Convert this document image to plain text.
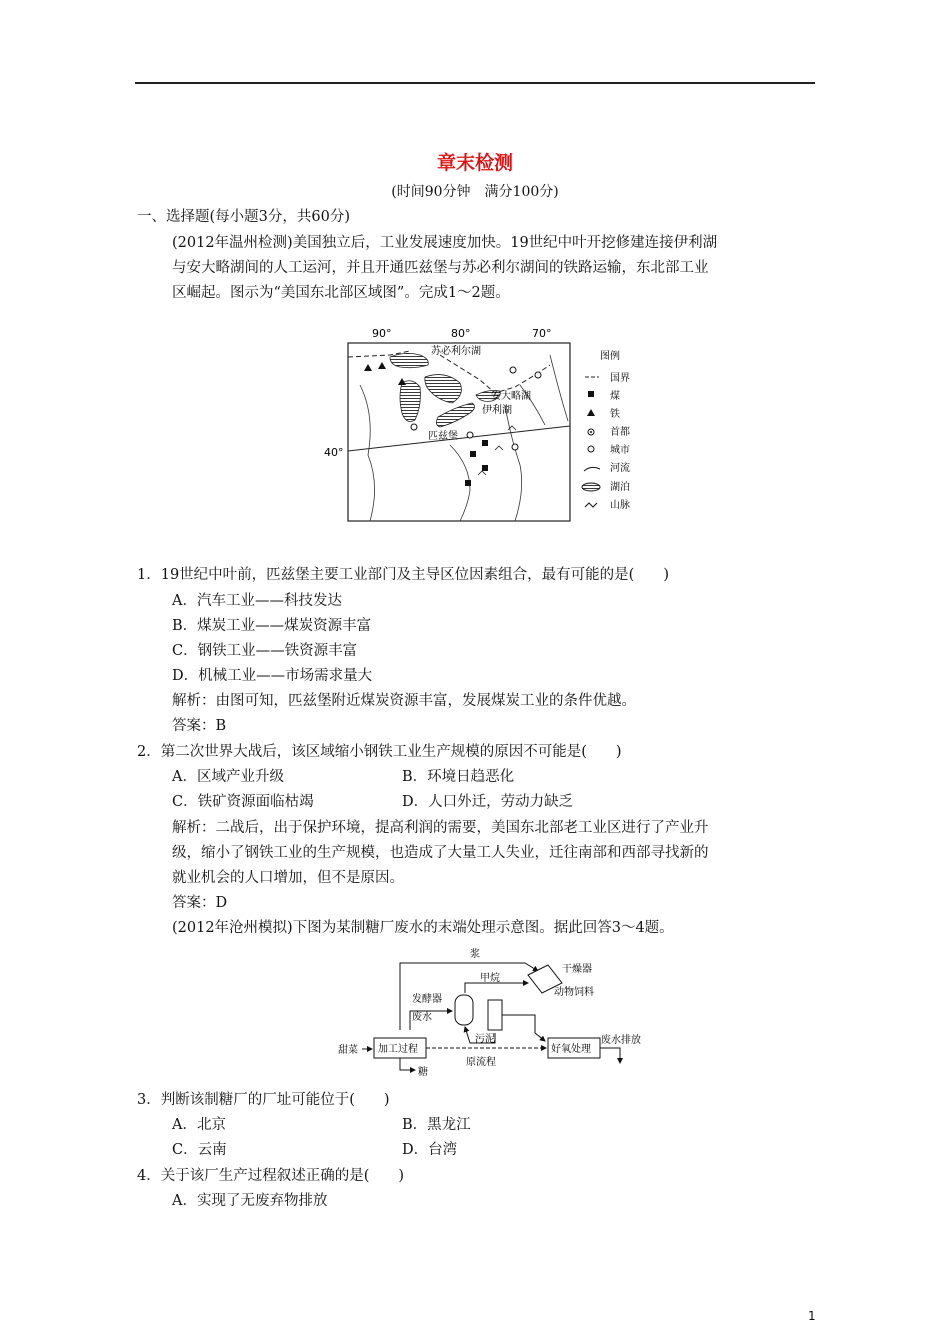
章末检测
(时间90分钟　满分100分)
一、选择题(每小题3分，共60分)
(2012年温州检测)美国独立后，工业发展速度加快。19世纪中叶开挖修建连接伊利湖
与安大略湖间的人工运河，并且开通匹兹堡与苏必利尔湖间的铁路运输，东北部工业
区崛起。图示为“美国东北部区域图”。完成1～2题。
90°	80°	70°
40°
苏必利尔湖
安大略湖
伊利湖
匹兹堡
图例
国界
煤
铁
首都
城市
河流
湖泊
山脉
1．19世纪中叶前，匹兹堡主要工业部门及主导区位因素组合，最有可能的是(　　)
A．汽车工业——科技发达
B．煤炭工业——煤炭资源丰富
C．钢铁工业——铁资源丰富
D．机械工业——市场需求量大
解析：由图可知，匹兹堡附近煤炭资源丰富，发展煤炭工业的条件优越。
答案：B
2．第二次世界大战后，该区域缩小钢铁工业生产规模的原因不可能是(　　)
A．区域产业升级	B．环境日趋恶化
C．铁矿资源面临枯竭	D．人口外迁，劳动力缺乏
解析：二战后，出于保护环境，提高利润的需要，美国东北部老工业区进行了产业升
级，缩小了钢铁工业的生产规模，也造成了大量工人失业，迁往南部和西部寻找新的
就业机会的人口增加，但不是原因。
答案：D
(2012年沧州模拟)下图为某制糖厂废水的末端处理示意图。据此回答3～4题。
浆
干燥器
动物饲料
甲烷
发酵器
废水
污泥
甜菜 加工过程
原流程
好氧处理
废水排放
糖
3．判断该制糖厂的厂址可能位于(　　)
A．北京	B．黑龙江
C．云南	D．台湾
4．关于该厂生产过程叙述正确的是(　　)
A．实现了无废弃物排放
1
